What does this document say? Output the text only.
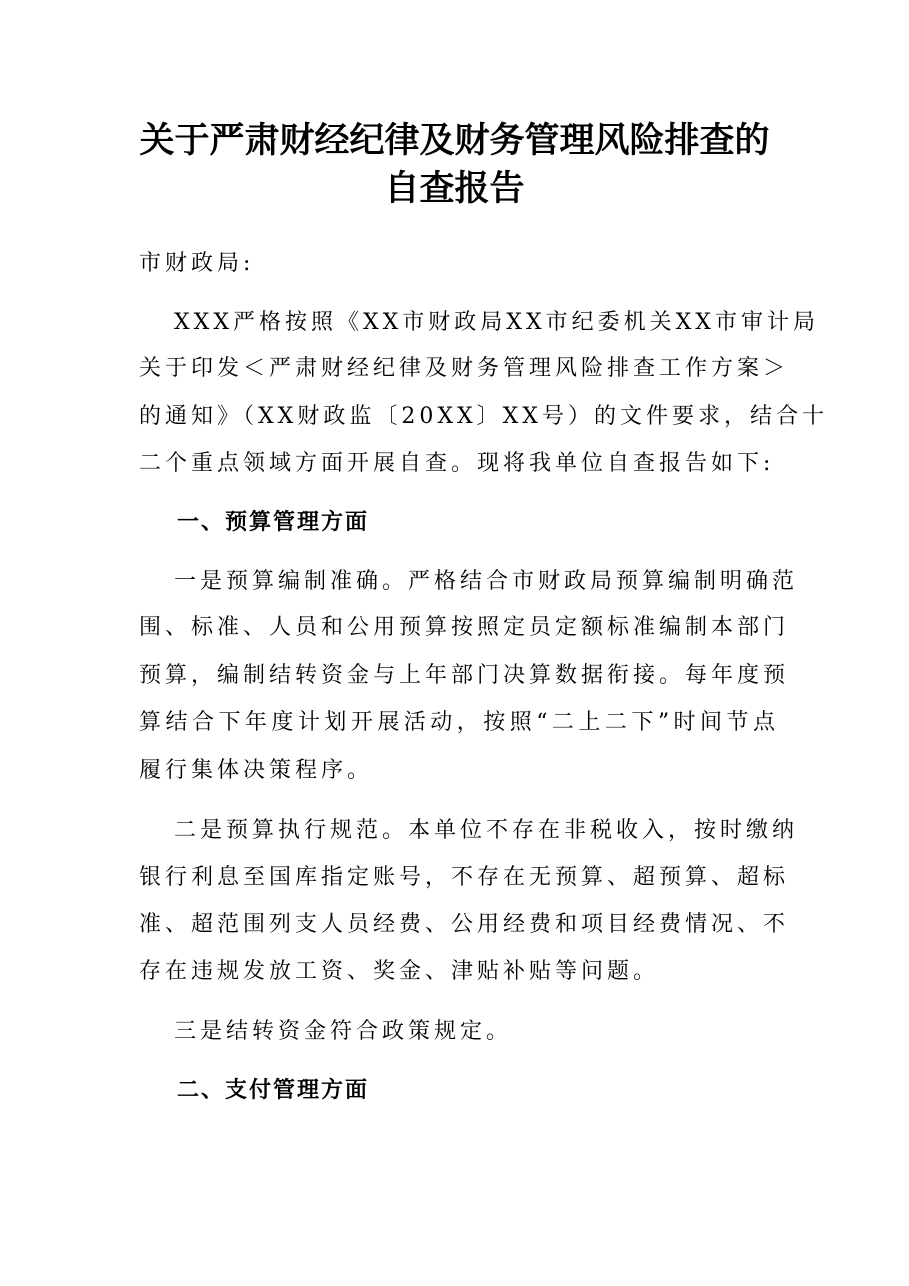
关于严肃财经纪律及财务管理风险排查的
自查报告
市财政局:
XXX严格按照《XX市财政局XX市纪委机关XX市审计局
关于印发＜严肃财经纪律及财务管理风险排查工作方案＞
的通知》（XX财政监〔20XX〕XX号）的文件要求，结合十
二个重点领域方面开展自查。现将我单位自查报告如下:
一、预算管理方面
一是预算编制准确。严格结合市财政局预算编制明确范
围、标准、人员和公用预算按照定员定额标准编制本部门
预算，编制结转资金与上年部门决算数据衔接。每年度预
算结合下年度计划开展活动，按照“二上二下”时间节点
履行集体决策程序。
二是预算执行规范。本单位不存在非税收入，按时缴纳
银行利息至国库指定账号，不存在无预算、超预算、超标
准、超范围列支人员经费、公用经费和项目经费情况、不
存在违规发放工资、奖金、津贴补贴等问题。
三是结转资金符合政策规定。
二、支付管理方面
